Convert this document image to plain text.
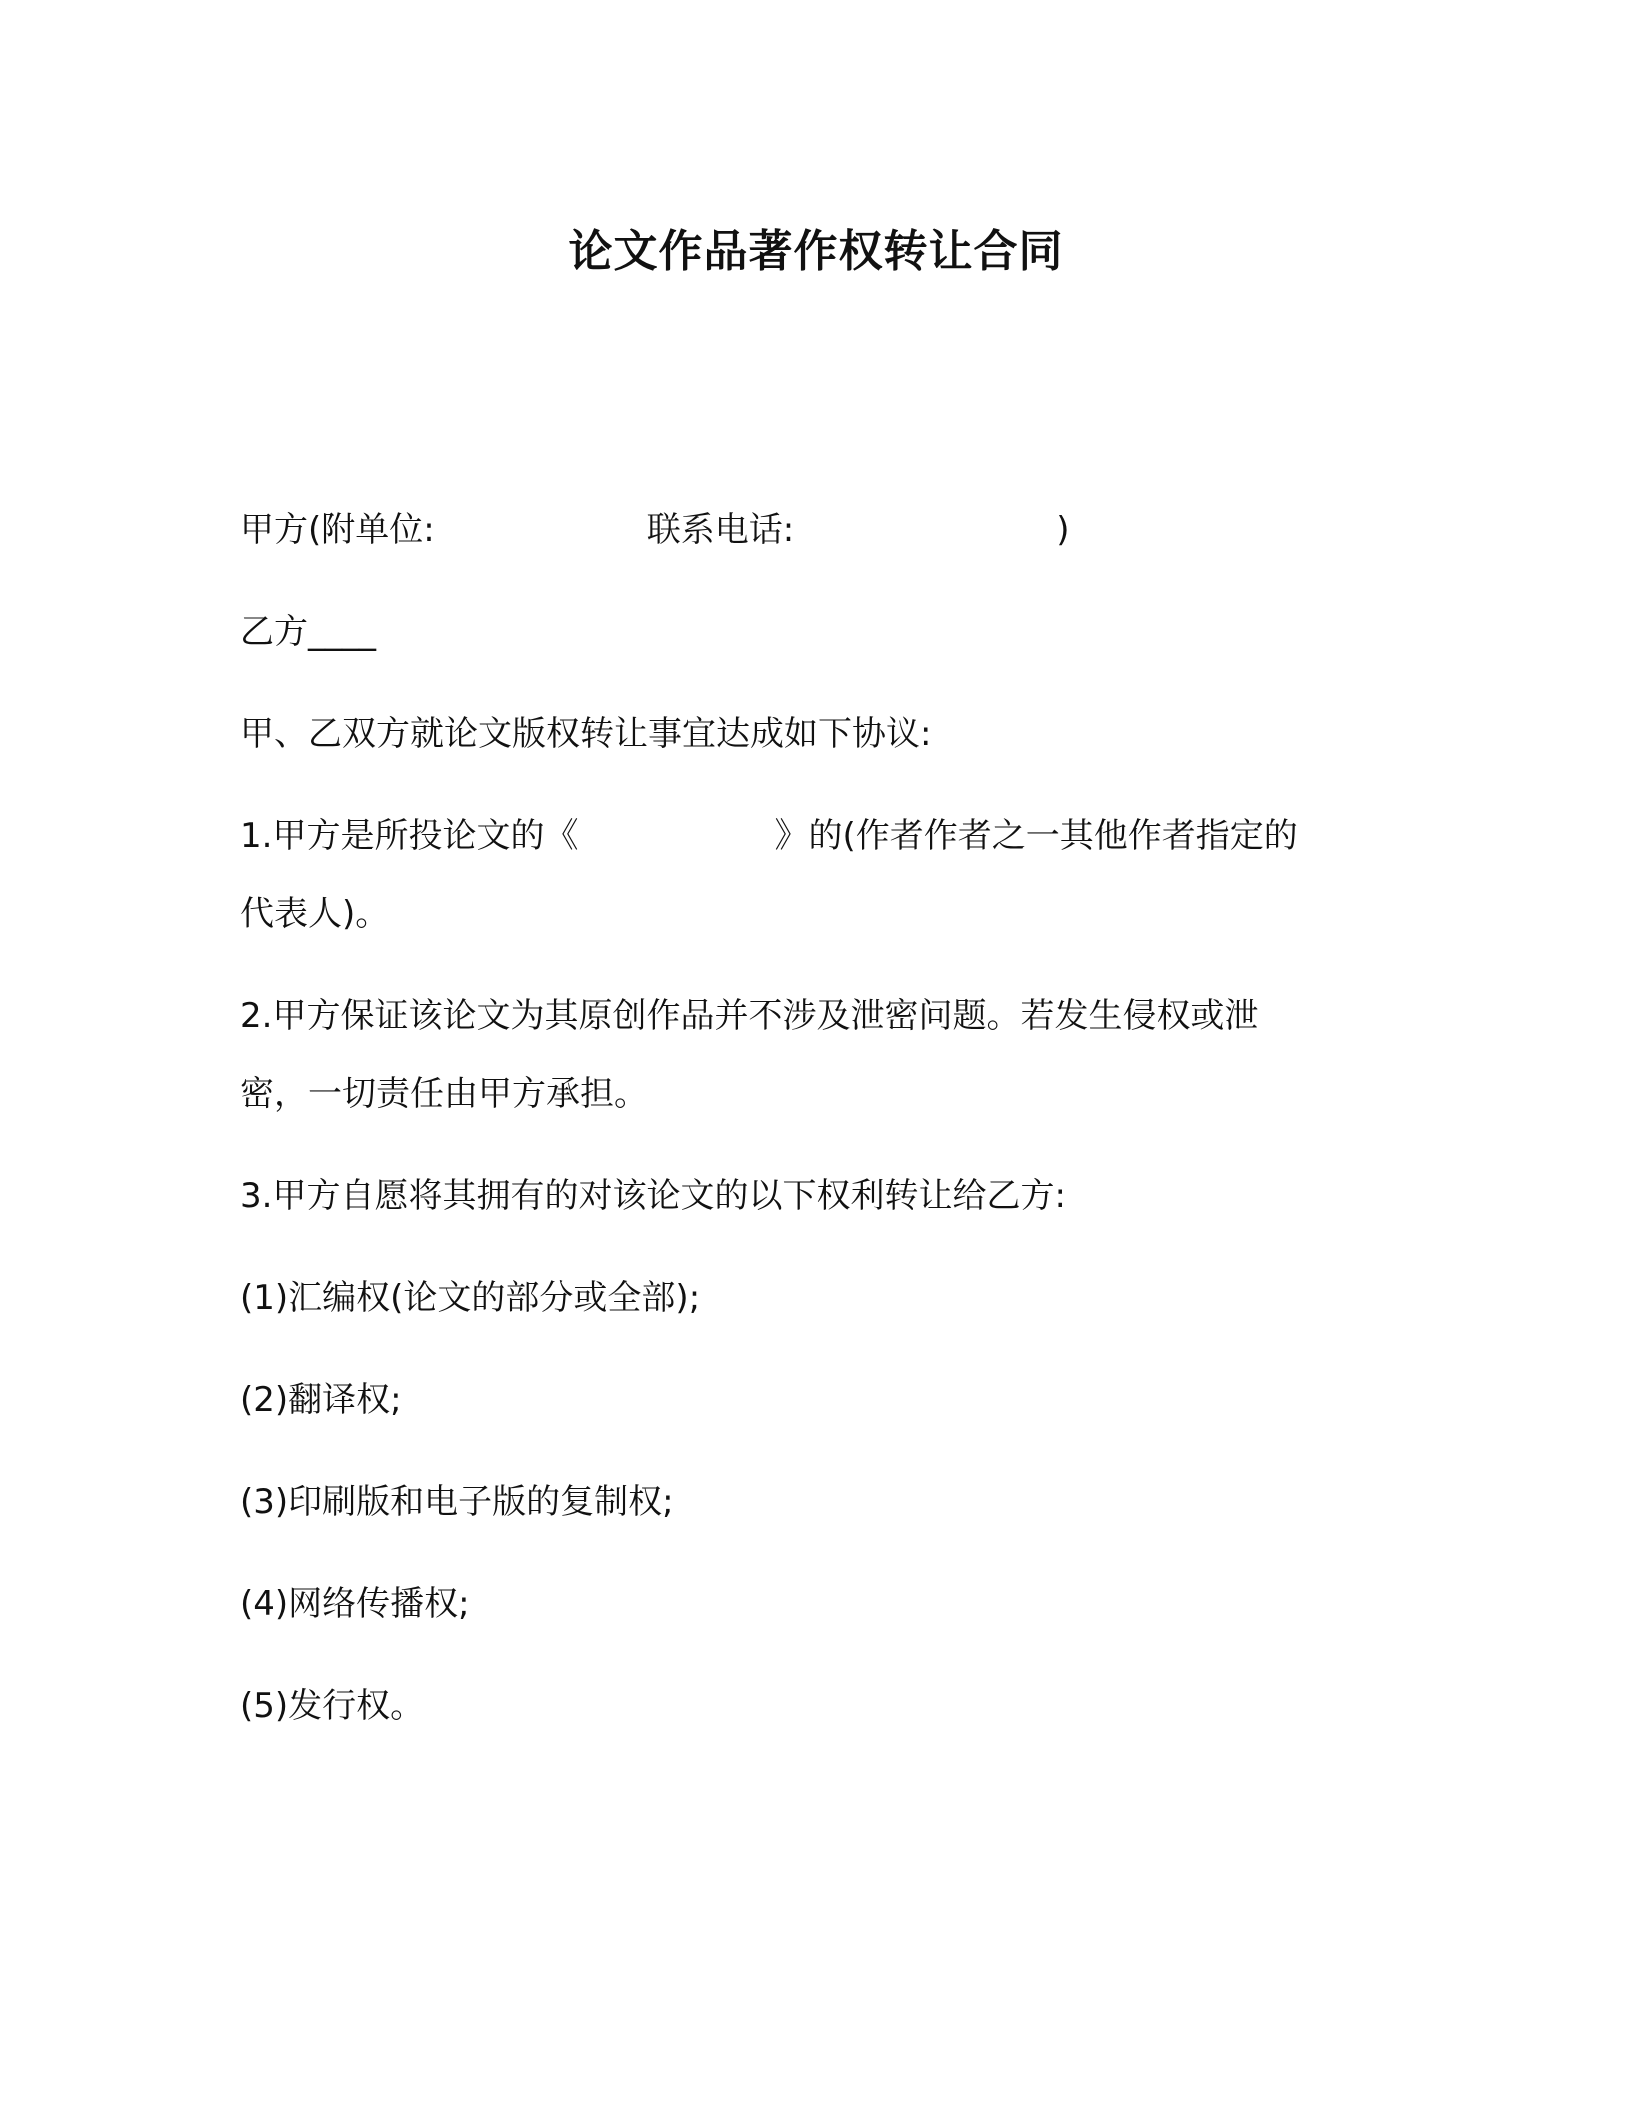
论文作品著作权转让合同
甲方(附单位:	联系电话:	)
乙方____
甲、乙双方就论文版权转让事宜达成如下协议:
1.甲方是所投论文的《	》的(作者作者之一其他作者指定的
代表人)。
2.甲方保证该论文为其原创作品并不涉及泄密问题。若发生侵权或泄
密，一切责任由甲方承担。
3.甲方自愿将其拥有的对该论文的以下权利转让给乙方:
(1)汇编权(论文的部分或全部);
(2)翻译权;
(3)印刷版和电子版的复制权;
(4)网络传播权;
(5)发行权。
